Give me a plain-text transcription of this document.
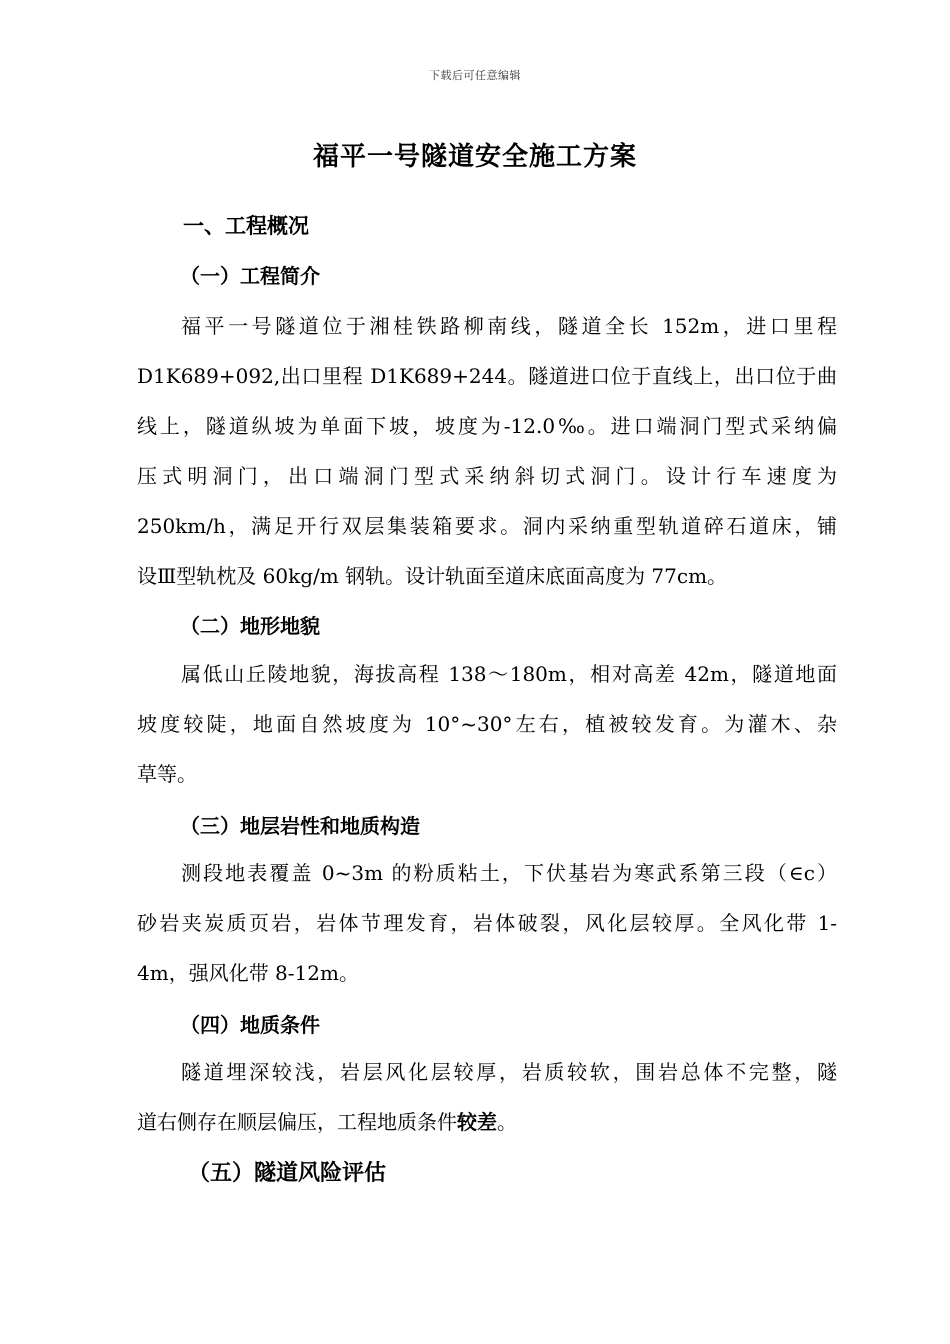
下载后可任意编辑
福平一号隧道安全施工方案
一、工程概况
（一）工程简介
福平一号隧道位于湘桂铁路柳南线，隧道全长 152m，进口里程
D1K689+092,出口里程 D1K689+244。隧道进口位于直线上，出口位于曲
线上，隧道纵坡为单面下坡，坡度为-12.0‰。进口端洞门型式采纳偏
压式明洞门，出口端洞门型式采纳斜切式洞门。设计行车速度为
250km/h，满足开行双层集装箱要求。洞内采纳重型轨道碎石道床，铺
设Ⅲ型轨枕及 60kg/m 钢轨。设计轨面至道床底面高度为 77cm。
（二）地形地貌
属低山丘陵地貌，海拔高程 138～180m，相对高差 42m，隧道地面
坡度较陡，地面自然坡度为 10°~30°左右，植被较发育。为灌木、杂
草等。
（三）地层岩性和地质构造
测段地表覆盖 0~3m 的粉质粘土，下伏基岩为寒武系第三段（∈c）
砂岩夹炭质页岩，岩体节理发育，岩体破裂，风化层较厚。全风化带 1-
4m，强风化带 8-12m。
（四）地质条件
隧道埋深较浅，岩层风化层较厚，岩质较软，围岩总体不完整，隧
道右侧存在顺层偏压，工程地质条件较差。
（五）隧道风险评估
